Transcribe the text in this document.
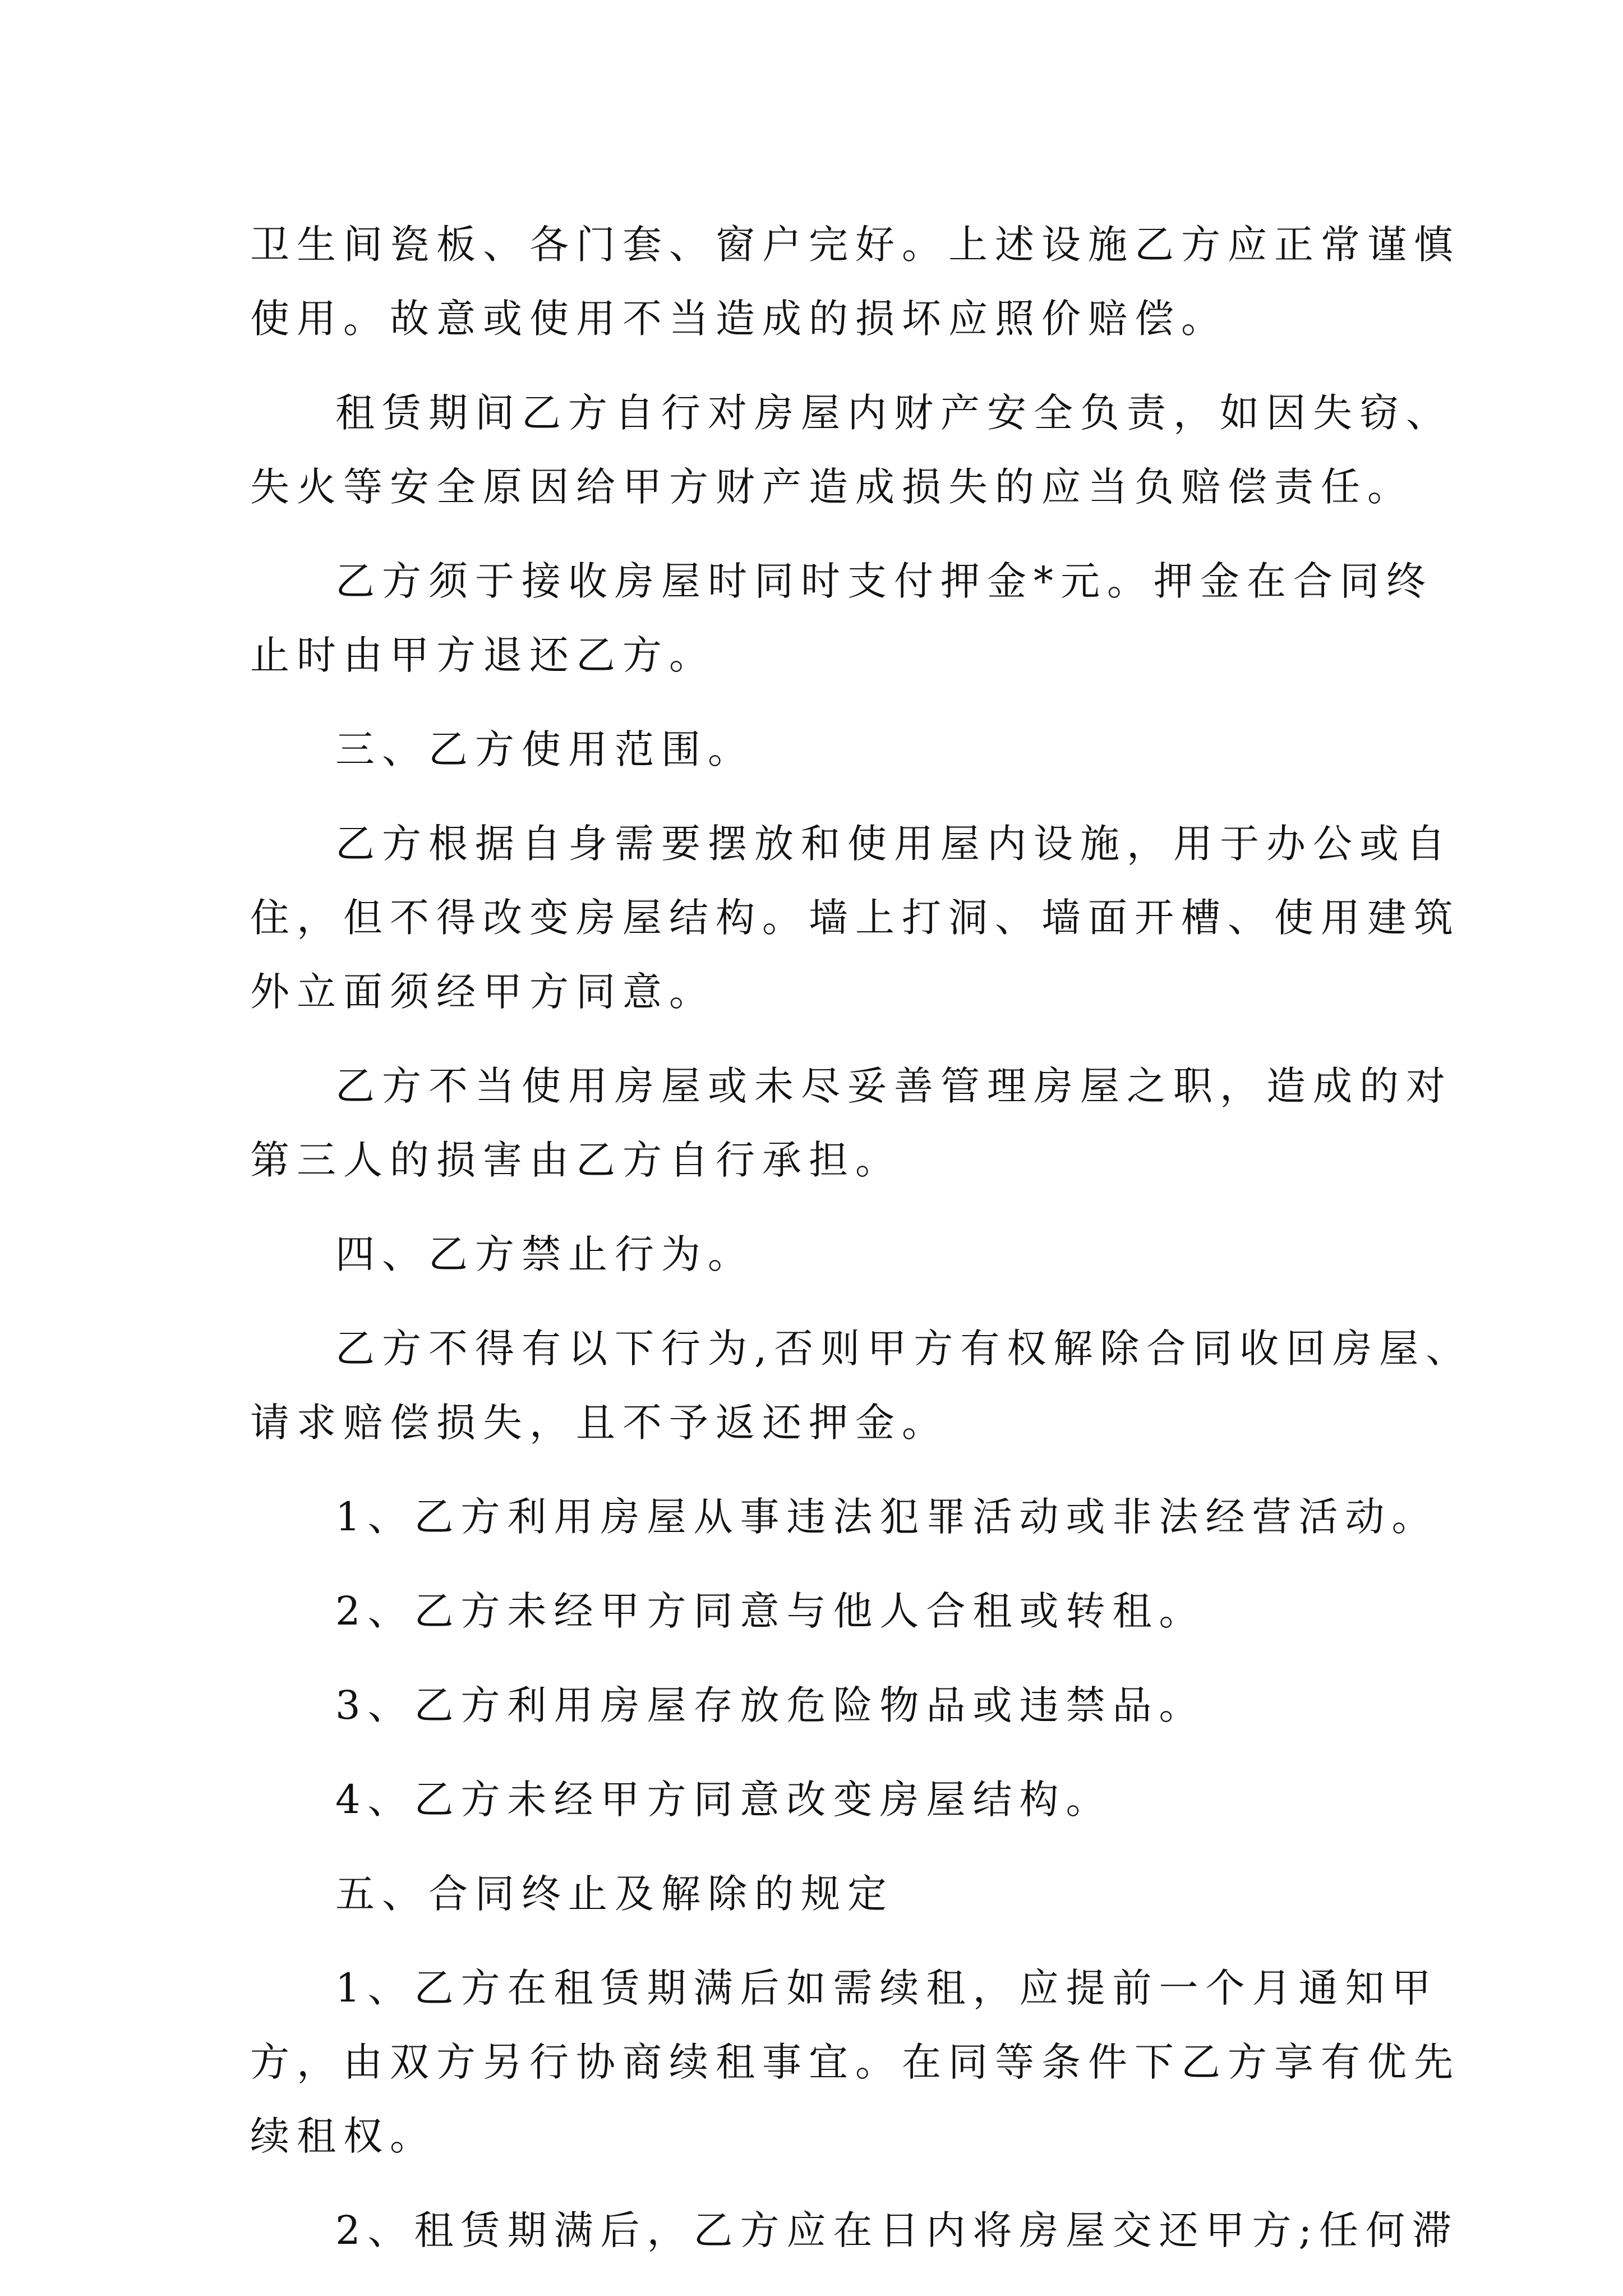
卫生间瓷板、各门套、窗户完好。上述设施乙方应正常谨慎
使用。故意或使用不当造成的损坏应照价赔偿。
租赁期间乙方自行对房屋内财产安全负责，如因失窃、
失火等安全原因给甲方财产造成损失的应当负赔偿责任。
乙方须于接收房屋时同时支付押金*元。押金在合同终
止时由甲方退还乙方。
三、乙方使用范围。
乙方根据自身需要摆放和使用屋内设施，用于办公或自
住，但不得改变房屋结构。墙上打洞、墙面开槽、使用建筑
外立面须经甲方同意。
乙方不当使用房屋或未尽妥善管理房屋之职，造成的对
第三人的损害由乙方自行承担。
四、乙方禁止行为。
乙方不得有以下行为,否则甲方有权解除合同收回房屋、
请求赔偿损失，且不予返还押金。
1、乙方利用房屋从事违法犯罪活动或非法经营活动。
2、乙方未经甲方同意与他人合租或转租。
3、乙方利用房屋存放危险物品或违禁品。
4、乙方未经甲方同意改变房屋结构。
五、合同终止及解除的规定
1、乙方在租赁期满后如需续租，应提前一个月通知甲
方，由双方另行协商续租事宜。在同等条件下乙方享有优先
续租权。
2、租赁期满后，乙方应在日内将房屋交还甲方;任何滞
